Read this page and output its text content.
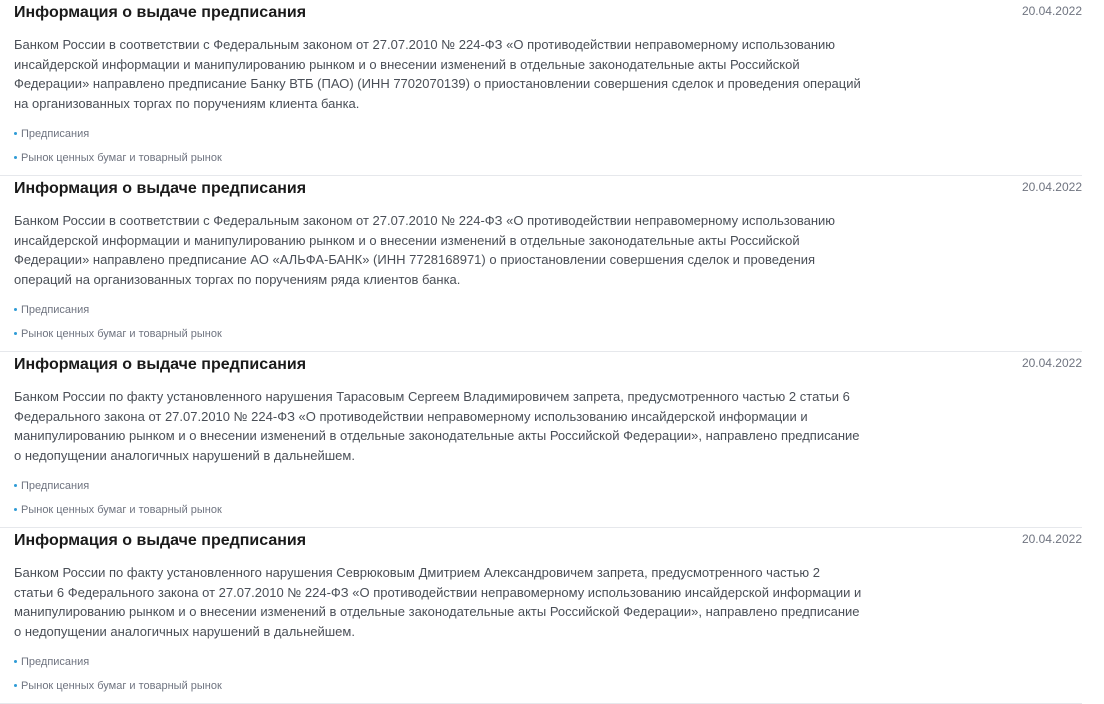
Информация о выдаче предписания	20.04.2022

Банком России в соответствии с Федеральным законом от 27.07.2010 № 224-ФЗ «О противодействии неправомерному использованию инсайдерской информации и манипулированию рынком и о внесении изменений в отдельные законодательные акты Российской Федерации» направлено предписание Банку ВТБ (ПАО) (ИНН 7702070139) о приостановлении совершения сделок и проведения операций на организованных торгах по поручениям клиента банка.

Предписания
Рынок ценных бумаг и товарный рынок
Информация о выдаче предписания	20.04.2022

Банком России в соответствии с Федеральным законом от 27.07.2010 № 224-ФЗ «О противодействии неправомерному использованию инсайдерской информации и манипулированию рынком и о внесении изменений в отдельные законодательные акты Российской Федерации» направлено предписание АО «АЛЬФА-БАНК» (ИНН 7728168971) о приостановлении совершения сделок и проведения операций на организованных торгах по поручениям ряда клиентов банка.

Предписания
Рынок ценных бумаг и товарный рынок
Информация о выдаче предписания	20.04.2022

Банком России по факту установленного нарушения Тарасовым Сергеем Владимировичем запрета, предусмотренного частью 2 статьи 6 Федерального закона от 27.07.2010 № 224-ФЗ «О противодействии неправомерному использованию инсайдерской информации и манипулированию рынком и о внесении изменений в отдельные законодательные акты Российской Федерации», направлено предписание о недопущении аналогичных нарушений в дальнейшем.

Предписания
Рынок ценных бумаг и товарный рынок
Информация о выдаче предписания	20.04.2022

Банком России по факту установленного нарушения Севрюковым Дмитрием Александровичем запрета, предусмотренного частью 2 статьи 6 Федерального закона от 27.07.2010 № 224-ФЗ «О противодействии неправомерному использованию инсайдерской информации и манипулированию рынком и о внесении изменений в отдельные законодательные акты Российской Федерации», направлено предписание о недопущении аналогичных нарушений в дальнейшем.

Предписания
Рынок ценных бумаг и товарный рынок
